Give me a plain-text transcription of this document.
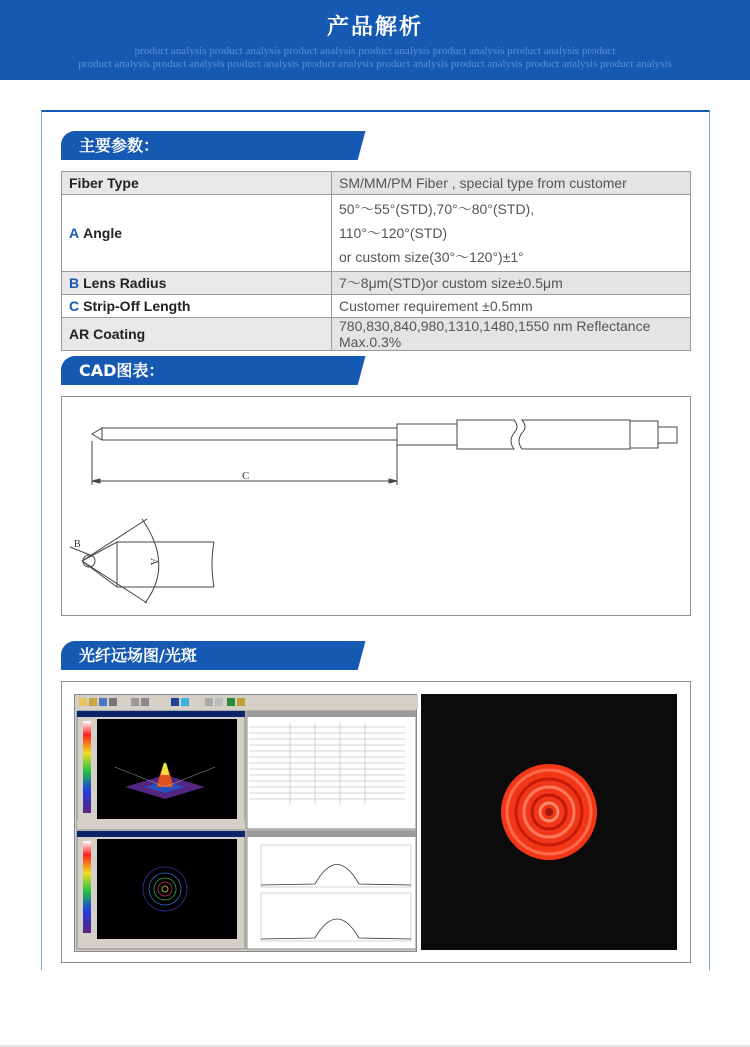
产品解析
product analysis product analysis product analysis product analysis product analysis product analysis product
product analysis product analysis product analysis product analysis product analysis product analysis product analysis product analysis
主要参数：
Fiber Type	SM/MM/PM Fiber , special type from customer
A Angle	50°～55°(STD),70°～80°(STD),
110°～120°(STD)
or custom size(30°～120°)±1°

B Lens Radius	7～8μm(STD)or custom size±0.5μm
C Strip-Off Length	Customer requirement ±0.5mm
AR Coating	780,830,840,980,1310,1480,1550 nm Reflectance Max.0.3%
CAD图表：
C
B
A
光纤远场图/光斑
